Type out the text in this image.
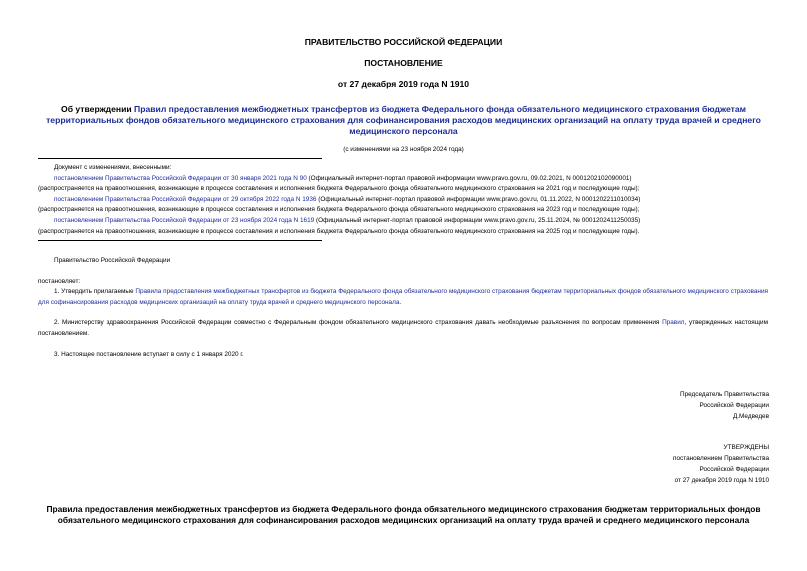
ПРАВИТЕЛЬСТВО РОССИЙСКОЙ ФЕДЕРАЦИИ
ПОСТАНОВЛЕНИЕ
от 27 декабря 2019 года N 1910
Об утверждении Правил предоставления межбюджетных трансфертов из бюджета Федерального фонда обязательного медицинского страхования бюджетам территориальных фондов обязательного медицинского страхования для софинансирования расходов медицинских организаций на оплату труда врачей и среднего медицинского персонала
(с изменениями на 23 ноября 2024 года)

Документ с изменениями, внесенными:

постановлением Правительства Российской Федерации от 30 января 2021 года N 90 (Официальный интернет-портал правовой информации www.pravo.gov.ru, 09.02.2021, N 0001202102090001)

(распространяется на правоотношения, возникающие в процессе составления и исполнения бюджета Федерального фонда обязательного медицинского страхования на 2021 год и последующие годы);

постановлением Правительства Российской Федерации от 29 октября 2022 года N 1936 (Официальный интернет-портал правовой информации www.pravo.gov.ru, 01.11.2022, N 0001202211010034)

(распространяется на правоотношения, возникающие в процессе составления и исполнения бюджета Федерального фонда обязательного медицинского страхования на 2023 год и последующие годы);

постановлением Правительства Российской Федерации от 23 ноября 2024 года N 1619 (Официальный интернет-портал правовой информации www.pravo.gov.ru, 25.11.2024, № 0001202411250035)

(распространяется на правоотношения, возникающие в процессе составления и исполнения бюджета Федерального фонда обязательного медицинского страхования на 2025 год и последующие годы).

Правительство Российской Федерации

постановляет:

1. Утвердить прилагаемые Правила предоставления межбюджетных трансфертов из бюджета Федерального фонда обязательного медицинского страхования бюджетам территориальных фондов обязательного медицинского страхования для софинансирования расходов медицинских организаций на оплату труда врачей и среднего медицинского персонала.

2. Министерству здравоохранения Российской Федерации совместно с Федеральным фондом обязательного медицинского страхования давать необходимые разъяснения по вопросам применения Правил, утвержденных настоящим постановлением.

3. Настоящее постановление вступает в силу с 1 января 2020 г.

Председатель Правительства
Российской Федерации
Д.Медведев
УТВЕРЖДЕНЫ
постановлением Правительства
Российской Федерации
от 27 декабря 2019 года N 1910
Правила предоставления межбюджетных трансфертов из бюджета Федерального фонда обязательного медицинского страхования бюджетам территориальных фондов обязательного медицинского страхования для софинансирования расходов медицинских организаций на оплату труда врачей и среднего медицинского персонала
